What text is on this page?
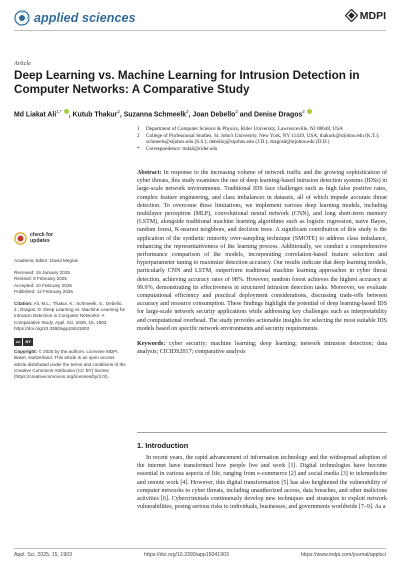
applied sciences	MDPI
Article
Deep Learning vs. Machine Learning for Intrusion Detection in Computer Networks: A Comparative Study
Md Liakat Ali$^{1,*}$ , Kutub Thakur$^2$, Suzanna Schmeelk$^2$, Joan Debello$^2$ and Denise Dragos$^2$
1	Department of Computer Science & Physics, Rider University, Lawrenceville, NJ 08648, USA
2	College of Professional Studies, St. John's University, New York, NY 11439, USA; thakurk@stjohns.edu (K.T.); schmeels@stjohns.edu (S.S.); debelloj@stjohns.edu (J.D.); dragosd@stjohns.edu (D.D.)
*	Correspondence: mdali@rider.edu
check for
updates
Academic Editor: David Megías
Received: 19 January 2025
Revised: 8 February 2025
Accepted: 10 February 2025
Published: 12 February 2025
Citation: Ali, M.L.; Thakur, K.; Schmeelk, S.; Debello, J.; Dragos, D. Deep Learning vs. Machine Learning for Intrusion Detection in Computer Networks: A Comparative Study. Appl. Sci. 2025, 15, 1903. https://doi.org/10.3390/app15041903
cc	BY
Copyright: © 2025 by the authors. Licensee MDPI, Basel, Switzerland. This article is an open access article distributed under the terms and conditions of the Creative Commons Attribution (CC BY) license (https://creativecommons.org/licenses/by/4.0/).
Abstract: In response to the increasing volume of network traffic and the growing sophistication of cyber threats, this study examines the use of deep learning-based intrusion detection systems (IDSs) in large-scale network environments. Traditional IDS face challenges such as high false positive rates, complex feature engineering, and class imbalances in datasets, all of which impede accurate threat detection. To overcome these limitations, we implement various deep learning models, including multilayer perceptron (MLP), convolutional neural network (CNN), and long short-term memory (LSTM), alongside traditional machine learning algorithms such as logistic regression, naive Bayes, random forest, K-nearest neighbors, and decision trees. A significant contribution of this study is the application of the synthetic minority over-sampling technique (SMOTE) to address class imbalance, enhancing the representativeness of the learning process. Additionally, we conduct a comprehensive performance comparison of the models, incorporating correlation-based feature selection and hyperparameter tuning to maximize detection accuracy. Our results indicate that deep learning models, particularly CNN and LSTM, outperform traditional machine learning approaches in cyber threat detection, achieving accuracy rates of 98%. However, random forest achieves the highest accuracy at 99.9%, demonstrating its effectiveness in structured intrusion detection tasks. Moreover, we evaluate computational efficiency and practical deployment considerations, discussing trade-offs between accuracy and resource consumption. These findings highlight the potential of deep learning-based IDS for large-scale network security applications while addressing key challenges such as interpretability and computational overhead. The study provides actionable insights for selecting the most suitable IDS models based on specific network environments and security requirements.
Keywords: cyber security; machine learning; deep learning; network intrusion detection; data analysis; CICIDS2017; comparative analysis
1. Introduction
In recent years, the rapid advancement of information technology and the widespread adoption of the internet have transformed how people live and work [1]. Digital technologies have become essential in various aspects of life, ranging from e-commerce [2] and social media [3] to telemedicine and remote work [4]. However, this digital transformation [5] has also heightened the vulnerability of computer networks to cyber threats, including unauthorized access, data breaches, and other malicious activities [6]. Cybercriminals continuously develop new techniques and strategies to exploit network vulnerabilities, posing serious risks to individuals, businesses, and governments worldwide [7–9]. As a
Appl. Sci. 2025, 15, 1903	https://doi.org/10.3390/app15041903	https://www.mdpi.com/journal/applsci
